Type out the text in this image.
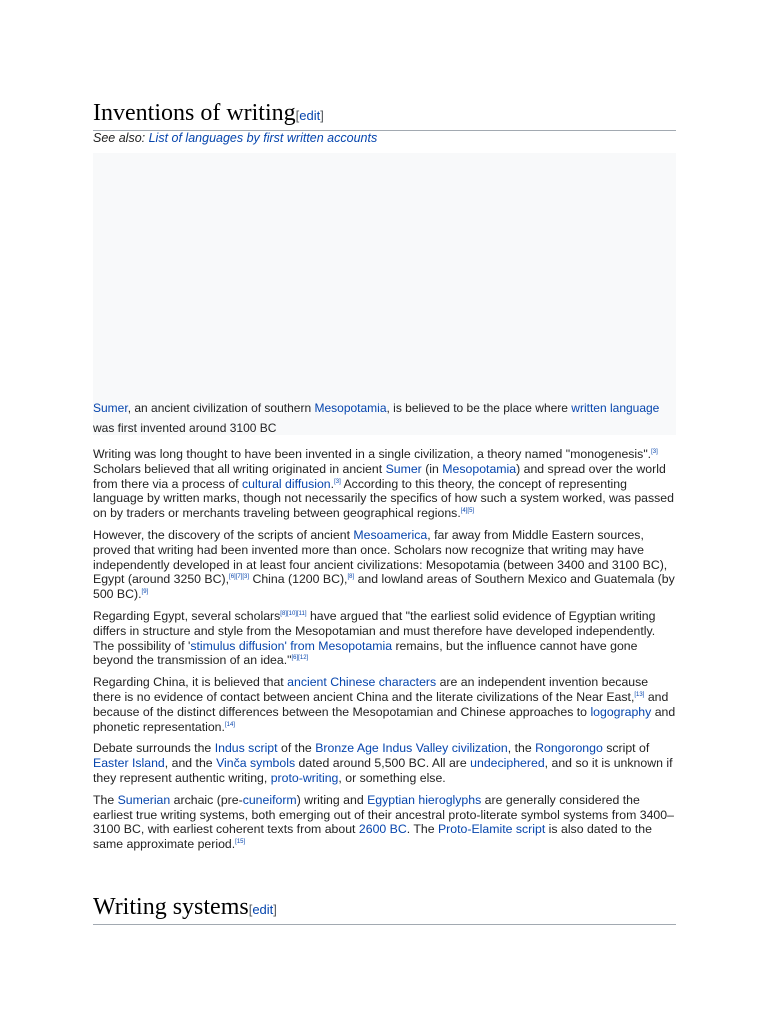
Inventions of writing[edit]
See also: List of languages by first written accounts
Sumer, an ancient civilization of southern Mesopotamia, is believed to be the place where written language was first invented around 3100 BC

Writing was long thought to have been invented in a single civilization, a theory named "monogenesis".[3] Scholars believed that all writing originated in ancient Sumer (in Mesopotamia) and spread over the world from there via a process of cultural diffusion.[3] According to this theory, the concept of representing language by written marks, though not necessarily the specifics of how such a system worked, was passed on by traders or merchants traveling between geographical regions.[4][5]

However, the discovery of the scripts of ancient Mesoamerica, far away from Middle Eastern sources, proved that writing had been invented more than once. Scholars now recognize that writing may have independently developed in at least four ancient civilizations: Mesopotamia (between 3400 and 3100 BC), Egypt (around 3250 BC),[6][7][3] China (1200 BC),[8] and lowland areas of Southern Mexico and Guatemala (by 500 BC).[9]

Regarding Egypt, several scholars[8][10][11] have argued that "the earliest solid evidence of Egyptian writing differs in structure and style from the Mesopotamian and must therefore have developed independently. The possibility of 'stimulus diffusion' from Mesopotamia remains, but the influence cannot have gone beyond the transmission of an idea."[6][12]

Regarding China, it is believed that ancient Chinese characters are an independent invention because there is no evidence of contact between ancient China and the literate civilizations of the Near East,[13] and because of the distinct differences between the Mesopotamian and Chinese approaches to logography and phonetic representation.[14]

Debate surrounds the Indus script of the Bronze Age Indus Valley civilization, the Rongorongo script of Easter Island, and the Vinča symbols dated around 5,500 BC. All are undeciphered, and so it is unknown if they represent authentic writing, proto-writing, or something else.

The Sumerian archaic (pre-cuneiform) writing and Egyptian hieroglyphs are generally considered the earliest true writing systems, both emerging out of their ancestral proto-literate symbol systems from 3400–3100 BC, with earliest coherent texts from about 2600 BC. The Proto-Elamite script is also dated to the same approximate period.[15]

Writing systems[edit]
